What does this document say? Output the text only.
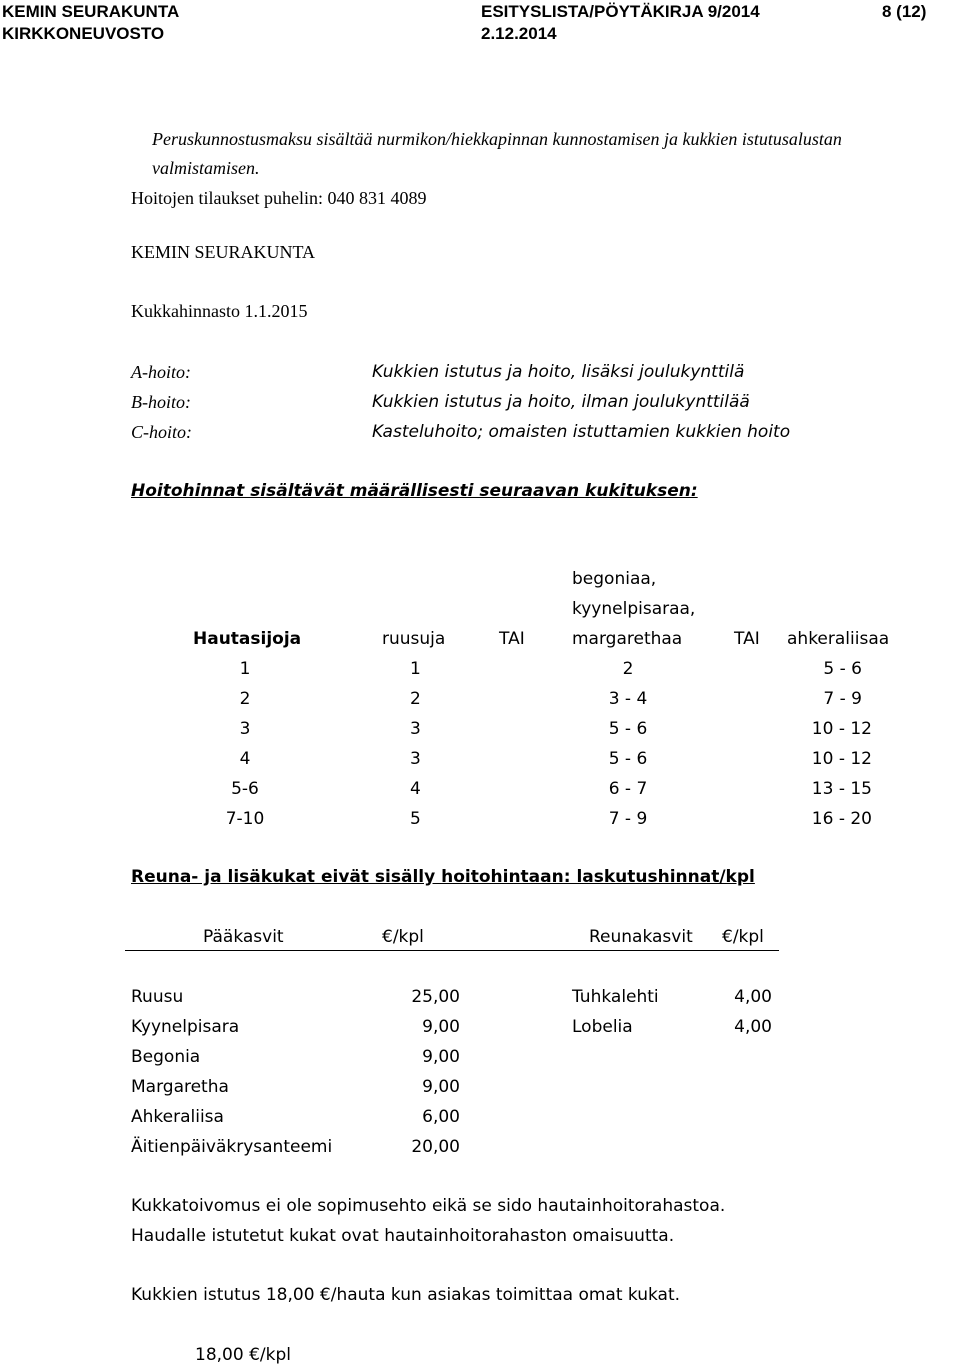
KEMIN SEURAKUNTA
KIRKKONEUVOSTO
ESITYSLISTA/PÖYTÄKIRJA 9/2014
2.12.2014
8 (12)
Peruskunnostusmaksu sisältää nurmikon/hiekkapinnan kunnostamisen ja kukkien istutusalustan
valmistamisen.
Hoitojen tilaukset puhelin: 040 831 4089
KEMIN SEURAKUNTA
Kukkahinnasto 1.1.2015
A-hoito:	Kukkien istutus ja hoito, lisäksi joulukynttilä
B-hoito:	Kukkien istutus ja hoito, ilman joulukynttilää
C-hoito:	Kasteluhoito; omaisten istuttamien kukkien hoito
Hoitohinnat sisältävät määrällisesti seuraavan kukituksen:
Hautasijoja	ruusuja	TAI
begoniaa,
kyynelpisaraa,
margarethaa	TAI ahkeraliisaa
1	1	2	5 - 6
2	2	3 - 4	7 - 9
3	3	5 - 6	10 - 12
4	3	5 - 6	10 - 12
5-6	4	6 - 7	13 - 15
7-10	5	7 - 9	16 - 20
Reuna- ja lisäkukat eivät sisälly hoitohintaan: laskutushinnat/kpl
Pääkasvit	€/kpl	Reunakasvit €/kpl
Ruusu	25,00	Tuhkalehti	4,00
Kyynelpisara	9,00	Lobelia	4,00
Begonia	9,00
Margaretha	9,00
Ahkeraliisa	6,00
Äitienpäiväkrysanteemi	20,00
Kukkatoivomus ei ole sopimusehto eikä se sido hautainhoitorahastoa.
Haudalle istutetut kukat ovat hautainhoitorahaston omaisuutta.
Kukkien istutus 18,00 €/hauta kun asiakas toimittaa omat kukat.
18,00 €/kpl
